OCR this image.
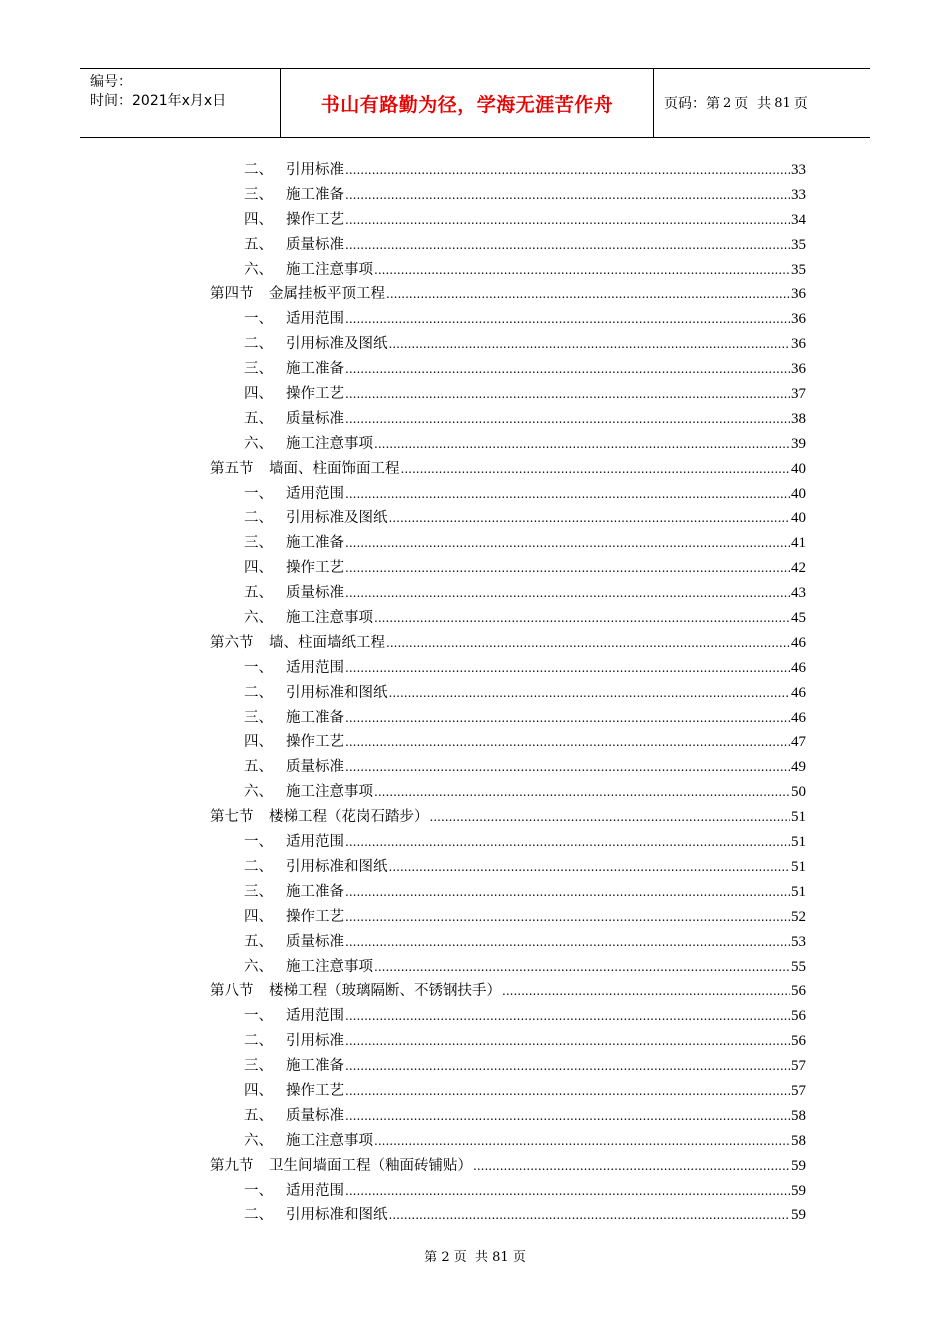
编号：
时间：2021年x月x日	书山有路勤为径，学海无涯苦作舟	页码：第 2 页  共 81 页
二、 引用标准 .....	33
三、 施工准备 .....	33
四、 操作工艺 .....	34
五、 质量标准 .....	35
六、 施工注意事项 .....	35
第四节	金属挂板平顶工程 .....	36
一、 适用范围 .....	36
二、 引用标准及图纸 .....	36
三、 施工准备 .....	36
四、 操作工艺 .....	37
五、 质量标准 .....	38
六、 施工注意事项 .....	39
第五节	墙面、柱面饰面工程 .....	40
一、 适用范围 .....	40
二、 引用标准及图纸 .....	40
三、 施工准备 .....	41
四、 操作工艺 .....	42
五、 质量标准 .....	43
六、 施工注意事项 .....	45
第六节	墙、柱面墙纸工程 .....	46
一、 适用范围 .....	46
二、 引用标准和图纸 .....	46
三、 施工准备 .....	46
四、 操作工艺 .....	47
五、 质量标准 .....	49
六、 施工注意事项 .....	50
第七节	楼梯工程（花岗石踏步） .....	51
一、 适用范围 .....	51
二、 引用标准和图纸 .....	51
三、 施工准备 .....	51
四、 操作工艺 .....	52
五、 质量标准 .....	53
六、 施工注意事项 .....	55
第八节	楼梯工程（玻璃隔断、不锈钢扶手） .....	56
一、 适用范围 .....	56
二、 引用标准 .....	56
三、 施工准备 .....	57
四、 操作工艺 .....	57
五、 质量标准 .....	58
六、 施工注意事项 .....	58
第九节	卫生间墙面工程（釉面砖铺贴） .....	59
一、 适用范围 .....	59
二、 引用标准和图纸 .....	59
第 2 页  共 81 页
